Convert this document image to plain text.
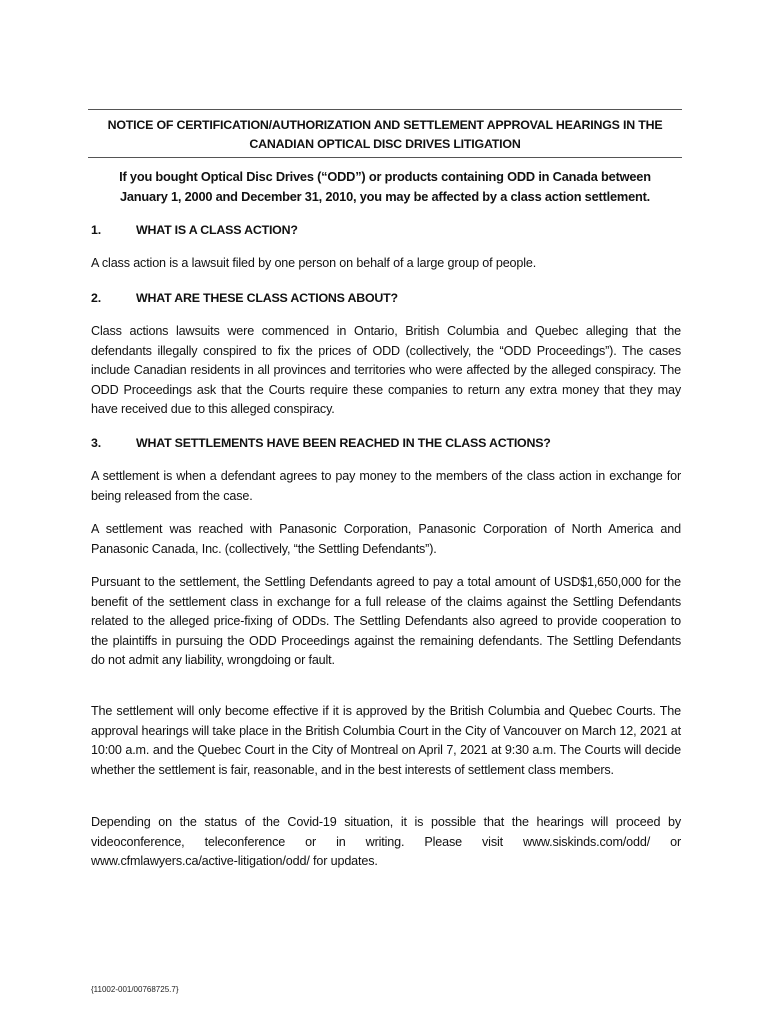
NOTICE OF CERTIFICATION/AUTHORIZATION AND SETTLEMENT APPROVAL HEARINGS IN THE CANADIAN OPTICAL DISC DRIVES LITIGATION
If you bought Optical Disc Drives (“ODD”) or products containing ODD in Canada between January 1, 2000 and December 31, 2010, you may be affected by a class action settlement.
1.	WHAT IS A CLASS ACTION?
A class action is a lawsuit filed by one person on behalf of a large group of people.
2.	WHAT ARE THESE CLASS ACTIONS ABOUT?
Class actions lawsuits were commenced in Ontario, British Columbia and Quebec alleging that the defendants illegally conspired to fix the prices of ODD (collectively, the “ODD Proceedings”). The cases include Canadian residents in all provinces and territories who were affected by the alleged conspiracy. The ODD Proceedings ask that the Courts require these companies to return any extra money that they may have received due to this alleged conspiracy.
3.	WHAT SETTLEMENTS HAVE BEEN REACHED IN THE CLASS ACTIONS?
A settlement is when a defendant agrees to pay money to the members of the class action in exchange for being released from the case.
A settlement was reached with Panasonic Corporation, Panasonic Corporation of North America and Panasonic Canada, Inc. (collectively, “the Settling Defendants”).
Pursuant to the settlement, the Settling Defendants agreed to pay a total amount of USD$1,650,000 for the benefit of the settlement class in exchange for a full release of the claims against the Settling Defendants related to the alleged price-fixing of ODDs. The Settling Defendants also agreed to provide cooperation to the plaintiffs in pursuing the ODD Proceedings against the remaining defendants. The Settling Defendants do not admit any liability, wrongdoing or fault.
The settlement will only become effective if it is approved by the British Columbia and Quebec Courts. The approval hearings will take place in the British Columbia Court in the City of Vancouver on March 12, 2021 at 10:00 a.m. and the Quebec Court in the City of Montreal on April 7, 2021 at 9:30 a.m. The Courts will decide whether the settlement is fair, reasonable, and in the best interests of settlement class members.
Depending on the status of the Covid-19 situation, it is possible that the hearings will proceed by videoconference, teleconference or in writing. Please visit www.siskinds.com/odd/ or www.cfmlawyers.ca/active-litigation/odd/ for updates.
{11002-001/00768725.7}
